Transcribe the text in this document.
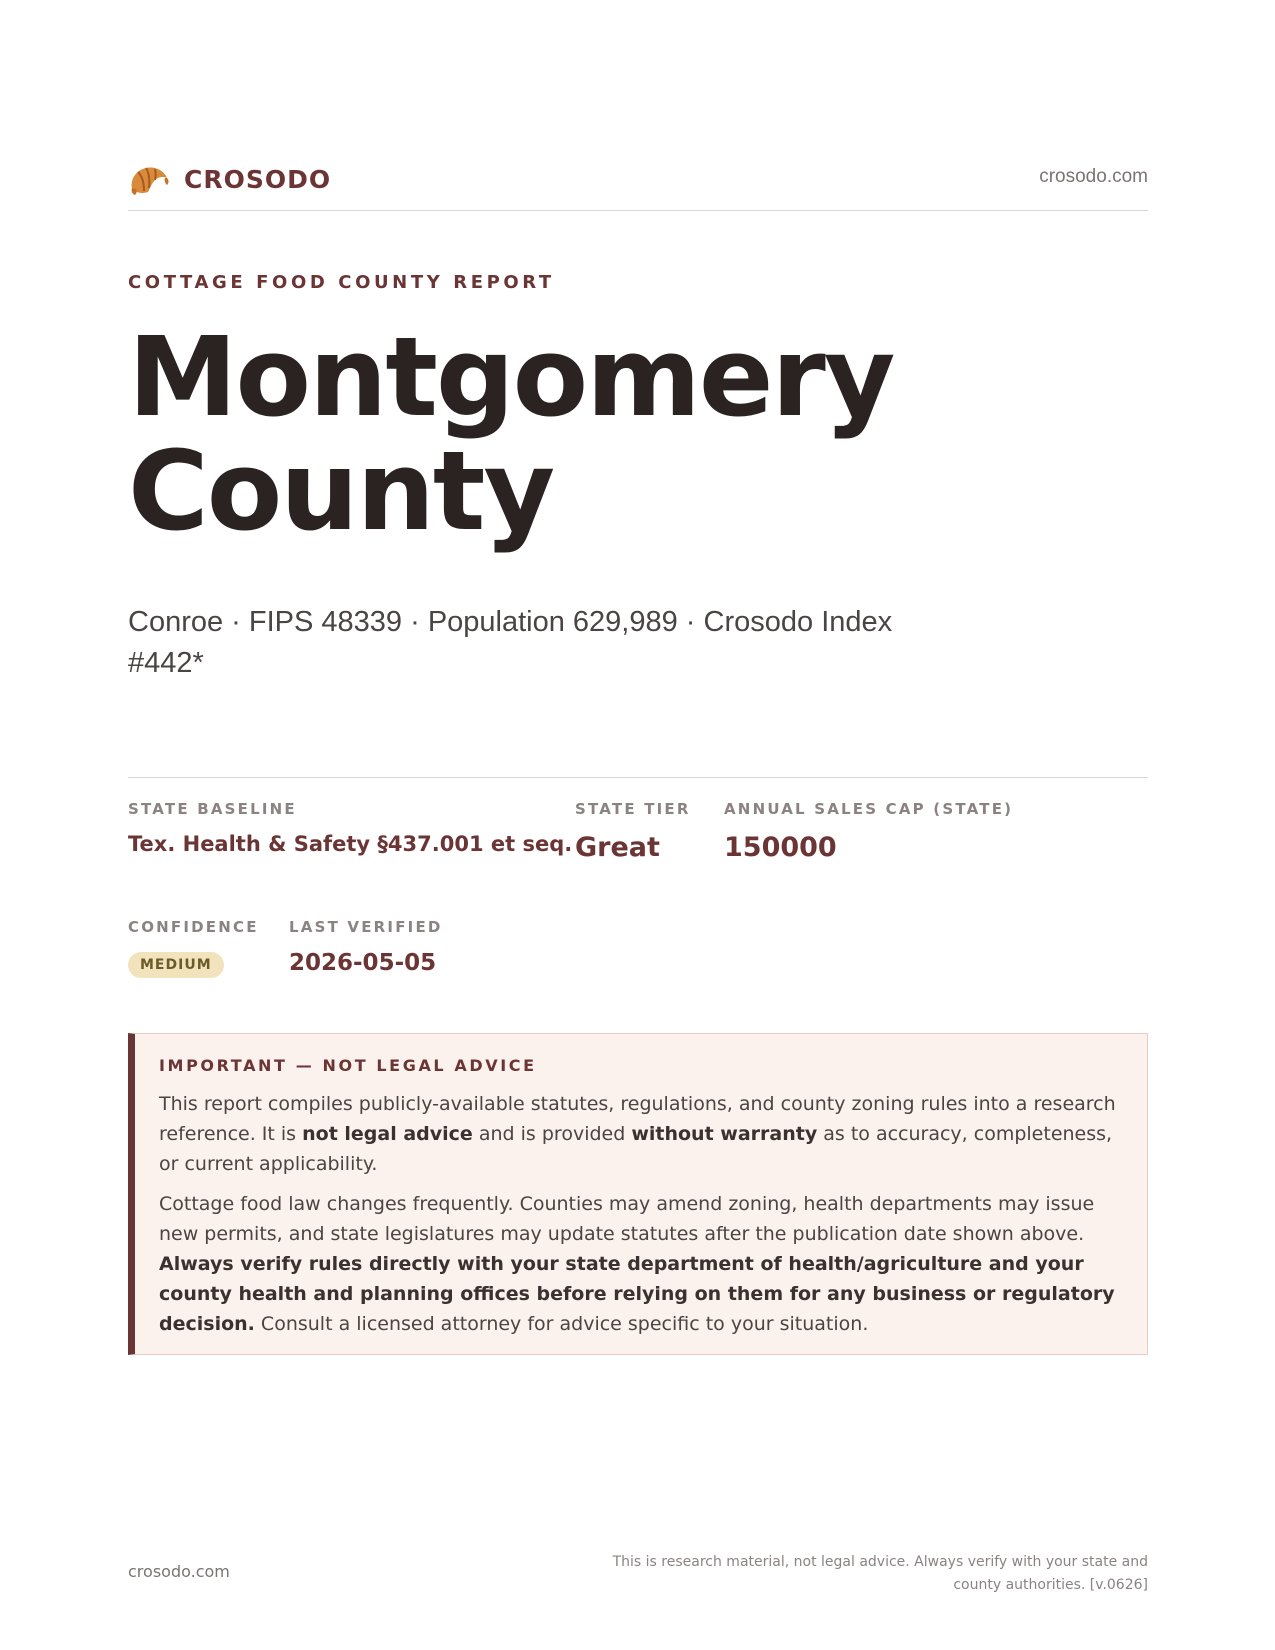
CROSODO	crosodo.com
COTTAGE FOOD COUNTY REPORT
Montgomery
County
Conroe · FIPS 48339 · Population 629,989 · Crosodo Index #442*
STATE BASELINE
Tex. Health & Safety §437.001 et seq.
STATE TIER
Great
ANNUAL SALES CAP (STATE)
150000
CONFIDENCE
MEDIUM
LAST VERIFIED
2026-05-05
IMPORTANT — NOT LEGAL ADVICE

This report compiles publicly-available statutes, regulations, and county zoning rules into a research reference. It is not legal advice and is provided without warranty as to accuracy, completeness, or current applicability.

Cottage food law changes frequently. Counties may amend zoning, health departments may issue new permits, and state legislatures may update statutes after the publication date shown above. Always verify rules directly with your state department of health/agriculture and your county health and planning offices before relying on them for any business or regulatory decision. Consult a licensed attorney for advice specific to your situation.

crosodo.com	This is research material, not legal advice. Always verify with your state and county authorities. [v.0626]
